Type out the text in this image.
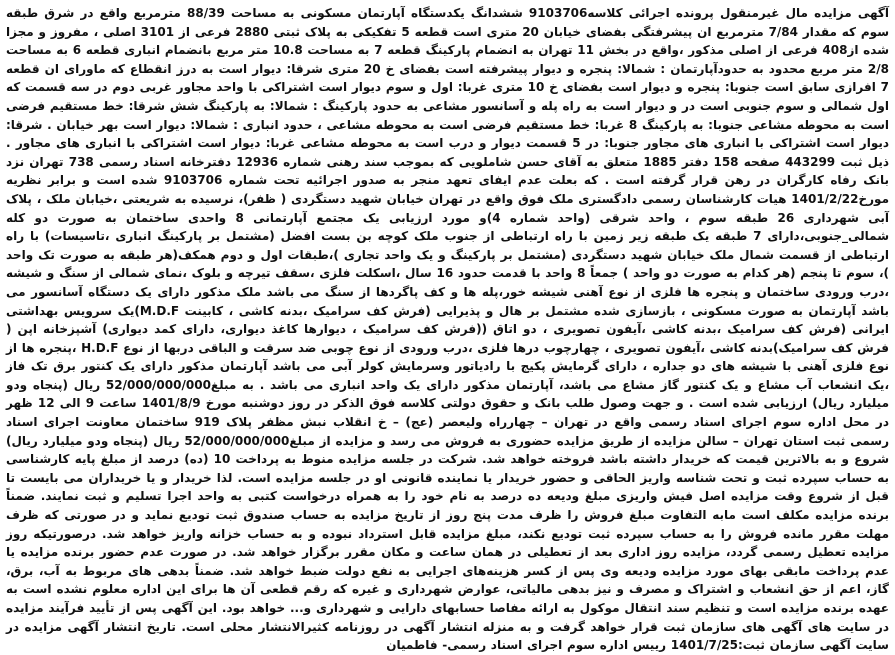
آگهی مزایده مال غیرمنقول پرونده اجرائی کلاسه9103706 ششدانگ یکدستگاه آپارتمان مسکونی به مساحت 88/39 مترمربع واقع در شرق طبقه سوم که مقدار 7/84 مترمربع ان پیشرفتگی بفضای خیابان 20 متری است قطعه 5 تفکیکی به پلاک ثبتی 2880 فرعی از 3101 اصلی ، مفروز و مجزا شده از408 فرعی از اصلی مذکور ،واقع در بخش 11 تهران به انضمام پارکینگ قطعه 7 به مساحت 10.8 متر مربع بانضمام انباری قطعه 6 به مساحت 2/8 متر مربع محدود به حدودآپارتمان : شمالا: پنجره و دیوار پیشرفته است بفضای خ 20 متری شرقا: دیوار است به درز انقطاع که ماورای ان قطعه 7 افرازی سابق است جنوبا: پنجره و دیوار است بفضای خ 10 متری غربا: اول و سوم دیوار است اشتراکی با واحد مجاور غربی دوم در سه قسمت که اول شمالی و سوم جنوبی است در و دیوار است به راه پله و آسانسور مشاعی به حدود پارکینگ : شمالا: به پارکینگ شش شرقا: خط مستقیم فرضی است به محوطه مشاعی جنوبا: به پارکینگ 8 غربا: خط مستقیم فرضی است به محوطه مشاعی ، حدود انباری : شمالا: دیوار است بهر خیابان . شرقا: دیوار است اشتراکی با انباری های مجاور جنوبا: در 5 قسمت دیوار و درب است به محوطه مشاعی غربا: دیوار است اشتراکی با انباری های مجاور . ذیل ثبت 443299 صفحه 158 دفتر 1885 متعلق به آقای حسن شاملویی که بموجب سند رهنی شماره 12936 دفترخانه اسناد رسمی 738 تهران نزد بانک رفاه کارگران در رهن قرار گرفته است . که بعلت عدم ایفای تعهد منجر به صدور اجرائیه تحت شماره 9103706 شده است و برابر نظریه مورخ1401/2/22 هیات کارشناسان رسمی دادگستری ملک فوق واقع در تهران خیابان شهید دستگردی ( ظفر)، نرسیده به شریعتی ،خیابان ملک ، پلاک آبی شهرداری 26 طبقه سوم ، واحد شرقی (واحد شماره 4)و مورد ارزیابی یک مجتمع آپارتمانی 8 واحدی ساختمان به صورت دو کله شمالی_جنوبی،دارای 7 طبقه یک طبقه زیر زمین با راه ارتباطی از جنوب ملک کوچه بن بست افضل (مشتمل بر پارکینگ انباری ،تاسیسات) با راه ارتباطی از قسمت شمال ملک خیابان شهید دستگردی (مشتمل بر پارکینگ و یک واحد تجاری )،طبقات اول و دوم همکف(هر طبقه به صورت تک واحد )، سوم تا پنجم (هر کدام به صورت دو واحد ) جمعاً 8 واحد با قدمت حدود 16 سال ،اسکلت فلزی ،سقف تیرچه و بلوک ،نمای شمالی از سنگ و شیشه ،درب ورودی ساختمان و پنجره ها فلزی از نوع آهنی شیشه خور،پله ها و کف پاگردها از سنگ می باشد ملک مذکور دارای یک دستگاه آسانسور می باشد آپارتمان به صورت مسکونی ، بازسازی شده مشتمل بر هال و پذیرایی (فرش کف سرامیک ،بدنه کاشی ، کابینت M.D.F)یک سرویس بهداشتی ایرانی (فرش کف سرامیک ،بدنه کاشی ،آیفون تصویری ، دو اتاق ((فرش کف سرامیک ، دیوارها کاغذ دیواری، دارای کمد دیواری) آشپزخانه اپن ( فرش کف سرامیک)بدنه کاشی ،آیفون تصویری ، چهارچوب درها فلزی ،درب ورودی از نوع چوبی ضد سرقت و الباقی دربها از نوع H.D.F ،پنجره ها از نوع فلزی آهنی با شیشه های دو جداره ، دارای گرمایش پکیج با رادیاتور وسرمایش کولر آبی می باشد آپارتمان مذکور دارای یک کنتور برق تک فاز ،یک انشعاب آب مشاع و یک کنتور گاز مشاع می باشد، آپارتمان مذکور دارای یک واحد انباری می باشد . به مبلغ52/000/000/000 ریال (پنجاه ودو میلیارد ریال) ارزیابی شده است . و جهت وصول طلب بانک و حقوق دولتی کلاسه فوق الذکر در روز دوشنبه مورخ 1401/8/9 ساعت 9 الی 12 ظهر در محل اداره سوم اجرای اسناد رسمی واقع در تهران – چهارراه ولیعصر (عج) – خ انقلاب نبش مظفر پلاک 919 ساختمان معاونت اجرای اسناد رسمی ثبت استان تهران – سالن مزایده از طریق مزایده حضوری به فروش می رسد و مزایده از مبلغ52/000/000/000 ریال (پنجاه ودو میلیارد ریال) شروع و به بالاترین قیمت که خریدار داشته باشد فروخته خواهد شد. شرکت در جلسه مزایده منوط به پرداخت 10 (ده) درصد از مبلغ پایه کارشناسی به حساب سپرده ثبت و تحت شناسه واریز الحاقی و حضور خریدار یا نماینده قانونی او در جلسه مزایده است. لذا خریدار و یا خریداران می بایست تا قبل از شروع وقت مزایده اصل فیش واریزی مبلغ ودیعه ده درصد به نام خود را به همراه درخواست کتبی به واحد اجرا تسلیم و ثبت نمایند. ضمناً برنده مزایده مکلف است مابه التفاوت مبلغ فروش را ظرف مدت پنج روز از تاریخ مزایده به حساب صندوق ثبت تودیع نماید و در صورتی که ظرف مهلت مقرر مانده فروش را به حساب سپرده ثبت تودیع نکند، مبلغ مزایده قابل استرداد نبوده و به حساب خزانه واریز خواهد شد. درصورتیکه روز مزایده تعطیل رسمی گردد، مزایده روز اداری بعد از تعطیلی در همان ساعت و مکان مقرر برگزار خواهد شد. در صورت عدم حضور برنده مزایده یا عدم پرداخت مابقی بهای مورد مزایده ودیعه وی پس از کسر هزینه‌های اجرایی به نفع دولت ضبط خواهد شد. ضمناً بدهی های مربوط به آب، برق، گاز، اعم از حق انشعاب و اشتراک و مصرف و نیز بدهی مالیاتی، عوارض شهرداری و غیره که رقم قطعی آن ها برای این اداره معلوم نشده است به عهده برنده مزایده است و تنظیم سند انتقال موکول به ارائه مفاصا حسابهای دارایی و شهرداری و... خواهد بود. این آگهی پس از تأیید فرآیند مزایده در سایت های آگهی های سازمان ثبت قرار خواهد گرفت و به منزله انتشار آگهی در روزنامه کثیرالانتشار محلی است. تاریخ انتشار آگهی مزایده در سایت آگهی سازمان ثبت:1401/7/25 رییس اداره سوم اجرای اسناد رسمی- فاطمیان
